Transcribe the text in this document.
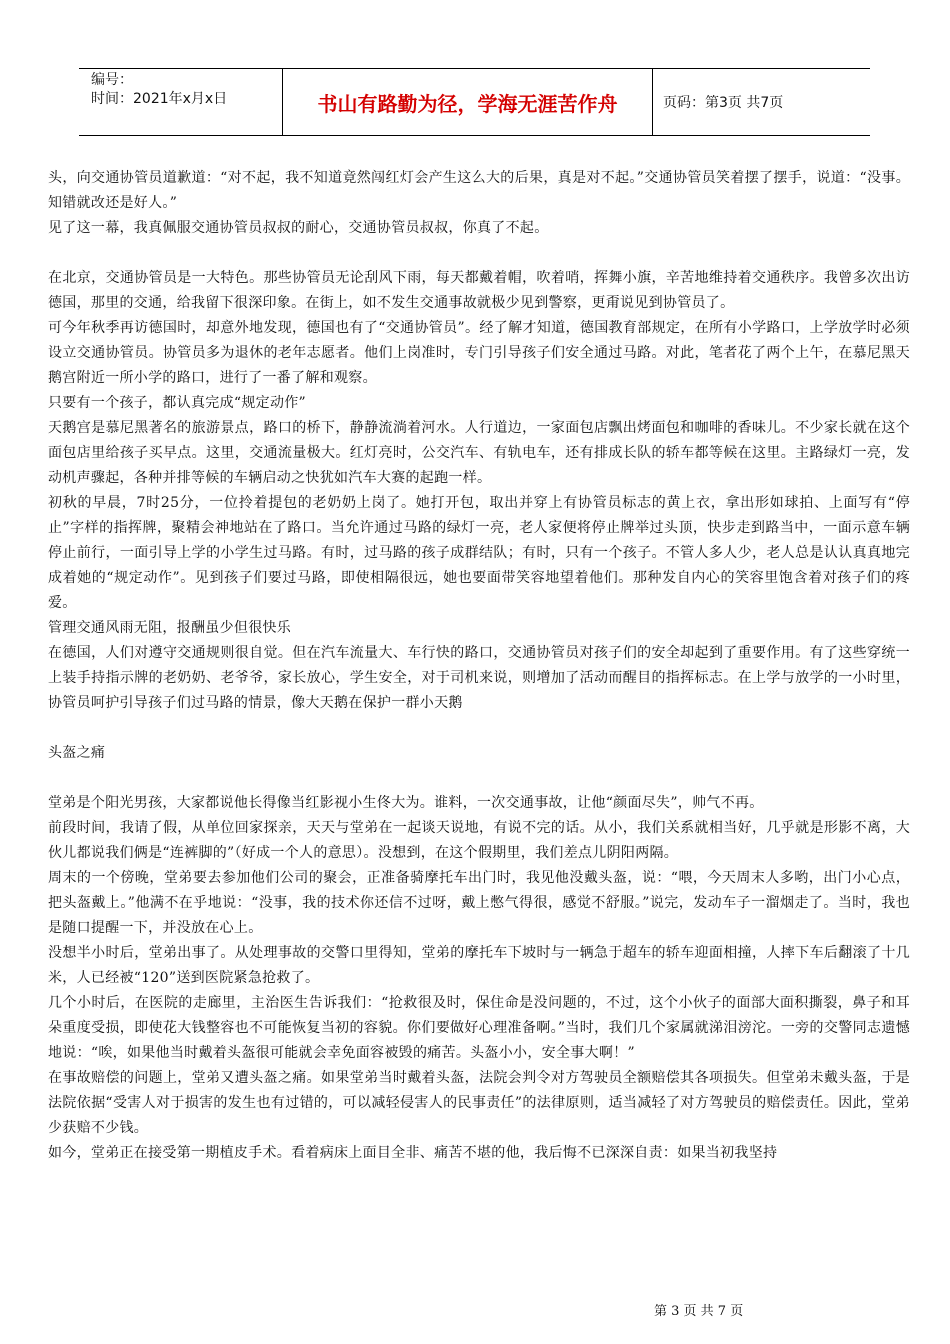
编号：
时间：2021年x月x日	书山有路勤为径，学海无涯苦作舟	页码：第3页 共7页

头，向交通协管员道歉道：“对不起，我不知道竟然闯红灯会产生这么大的后果，真是对不起。”交通协管员笑着摆了摆手，说道：“没事。知错就改还是好人。”

见了这一幕，我真佩服交通协管员叔叔的耐心，交通协管员叔叔，你真了不起。

在北京，交通协管员是一大特色。那些协管员无论刮风下雨，每天都戴着帽，吹着哨，挥舞小旗，辛苦地维持着交通秩序。我曾多次出访德国，那里的交通，给我留下很深印象。在街上，如不发生交通事故就极少见到警察，更甭说见到协管员了。

可今年秋季再访德国时，却意外地发现，德国也有了“交通协管员”。经了解才知道，德国教育部规定，在所有小学路口，上学放学时必须设立交通协管员。协管员多为退休的老年志愿者。他们上岗准时，专门引导孩子们安全通过马路。对此，笔者花了两个上午，在慕尼黑天鹅宫附近一所小学的路口，进行了一番了解和观察。

只要有一个孩子，都认真完成“规定动作”

天鹅宫是慕尼黑著名的旅游景点，路口的桥下，静静流淌着河水。人行道边，一家面包店飘出烤面包和咖啡的香味儿。不少家长就在这个面包店里给孩子买早点。这里，交通流量极大。红灯亮时，公交汽车、有轨电车，还有排成长队的轿车都等候在这里。主路绿灯一亮，发动机声骤起，各种并排等候的车辆启动之快犹如汽车大赛的起跑一样。

初秋的早晨，7时25分，一位拎着提包的老奶奶上岗了。她打开包，取出并穿上有协管员标志的黄上衣，拿出形如球拍、上面写有“停止”字样的指挥牌，聚精会神地站在了路口。当允许通过马路的绿灯一亮，老人家便将停止牌举过头顶，快步走到路当中，一面示意车辆停止前行，一面引导上学的小学生过马路。有时，过马路的孩子成群结队；有时，只有一个孩子。不管人多人少，老人总是认认真真地完成着她的“规定动作”。见到孩子们要过马路，即使相隔很远，她也要面带笑容地望着他们。那种发自内心的笑容里饱含着对孩子们的疼爱。

管理交通风雨无阻，报酬虽少但很快乐

在德国，人们对遵守交通规则很自觉。但在汽车流量大、车行快的路口，交通协管员对孩子们的安全却起到了重要作用。有了这些穿统一上装手持指示牌的老奶奶、老爷爷，家长放心，学生安全，对于司机来说，则增加了活动而醒目的指挥标志。在上学与放学的一小时里，协管员呵护引导孩子们过马路的情景，像大天鹅在保护一群小天鹅

头盔之痛

堂弟是个阳光男孩，大家都说他长得像当红影视小生佟大为。谁料，一次交通事故，让他“颜面尽失”，帅气不再。

前段时间，我请了假，从单位回家探亲，天天与堂弟在一起谈天说地，有说不完的话。从小，我们关系就相当好，几乎就是形影不离，大伙儿都说我们俩是“连裤脚的”（好成一个人的意思）。没想到，在这个假期里，我们差点儿阴阳两隔。

周末的一个傍晚，堂弟要去参加他们公司的聚会，正准备骑摩托车出门时，我见他没戴头盔，说：“喂，今天周末人多哟，出门小心点，把头盔戴上。”他满不在乎地说：“没事，我的技术你还信不过呀，戴上憋气得很，感觉不舒服。”说完，发动车子一溜烟走了。当时，我也是随口提醒一下，并没放在心上。

没想半小时后，堂弟出事了。从处理事故的交警口里得知，堂弟的摩托车下坡时与一辆急于超车的轿车迎面相撞，人摔下车后翻滚了十几米，人已经被“120”送到医院紧急抢救了。

几个小时后，在医院的走廊里，主治医生告诉我们：“抢救很及时，保住命是没问题的，不过，这个小伙子的面部大面积撕裂，鼻子和耳朵重度受损，即使花大钱整容也不可能恢复当初的容貌。你们要做好心理准备啊。”当时，我们几个家属就涕泪滂沱。一旁的交警同志遗憾地说：“唉，如果他当时戴着头盔很可能就会幸免面容被毁的痛苦。头盔小小，安全事大啊！”

在事故赔偿的问题上，堂弟又遭头盔之痛。如果堂弟当时戴着头盔，法院会判令对方驾驶员全额赔偿其各项损失。但堂弟未戴头盔，于是法院依据“受害人对于损害的发生也有过错的，可以减轻侵害人的民事责任”的法律原则，适当减轻了对方驾驶员的赔偿责任。因此，堂弟少获赔不少钱。

如今，堂弟正在接受第一期植皮手术。看着病床上面目全非、痛苦不堪的他，我后悔不已深深自责：如果当初我坚持

第 3 页 共 7 页
